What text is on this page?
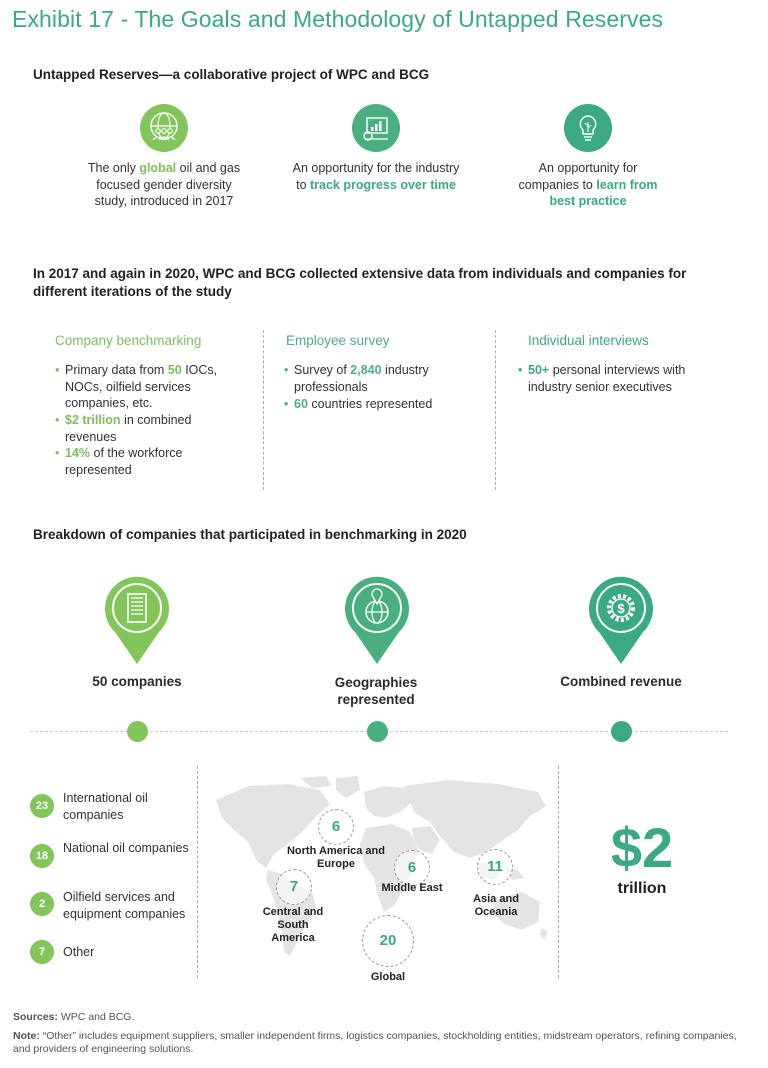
Exhibit 17 - The Goals and Methodology of Untapped Reserves
Untapped Reserves—a collaborative project of WPC and BCG
The only global oil and gas focused gender diversity study, introduced in 2017
An opportunity for the industry to track progress over time
An opportunity for companies to learn from best practice
In 2017 and again in 2020, WPC and BCG collected extensive data from individuals and companies for different iterations of the study
Company benchmarking	Employee survey	Individual interviews
• Primary data from 50 IOCs, NOCs, oilfield services companies, etc.
• $2 trillion in combined revenues
• 14% of the workforce represented
• Survey of 2,840 industry professionals
• 60 countries represented
• 50+ personal interviews with industry senior executives
Breakdown of companies that participated in benchmarking in 2020
$
50 companies	Geographies represented
Combined revenue
23
International oil companies
18
National oil companies
2	Oilfield services and equipment companies
7	Other
6
North America and Europe	6
Middle East
11
Asia and Oceania
7
Central and South America	20
Global
$2
trillion
Sources: WPC and BCG.
Note: “Other” includes equipment suppliers, smaller independent firms, logistics companies, stockholding entities, midstream operators, refining companies, and providers of engineering solutions.
